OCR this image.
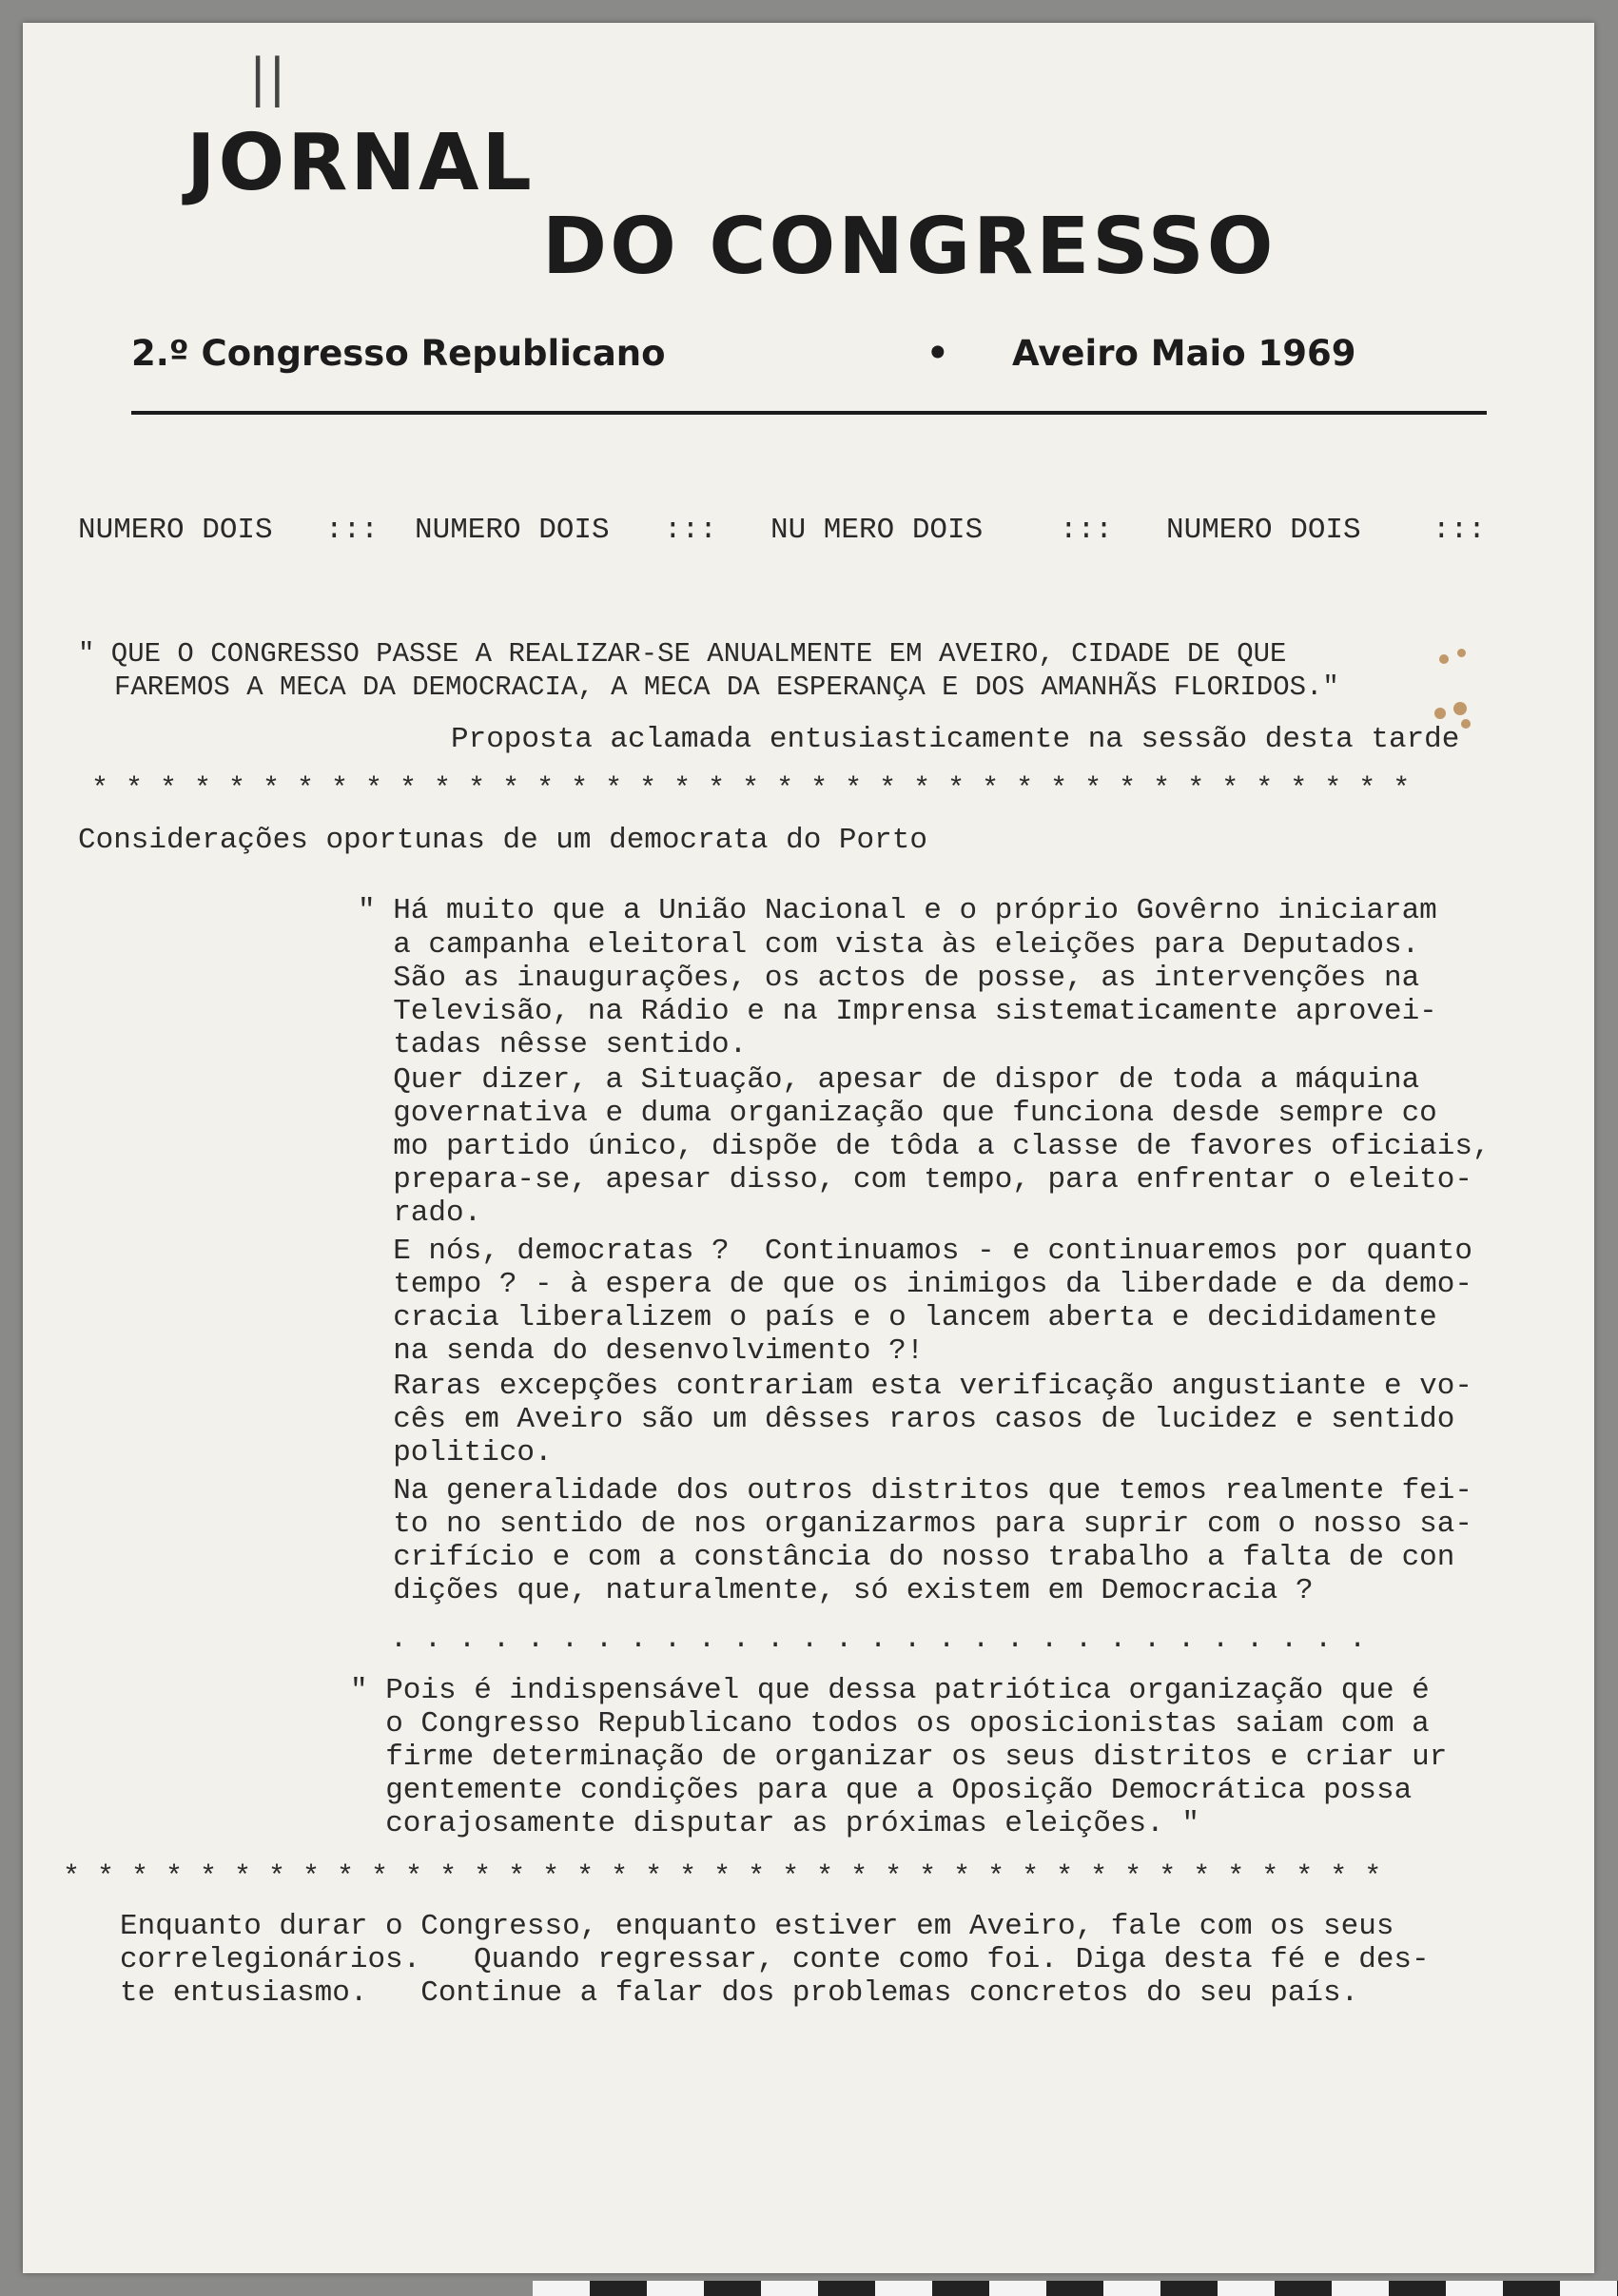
||
JORNAL
DO CONGRESSO
2.º Congresso Republicano	• Aveiro Maio 1969
NUMERO DOIS ::: NUMERO DOIS ::: NU MERO DOIS	::: NUMERO DOIS :::
" QUE O CONGRESSO PASSE A REALIZAR-SE ANUALMENTE EM AVEIRO, CIDADE DE QUE
FAREMOS A MECA DA DEMOCRACIA, A MECA DA ESPERANÇA E DOS AMANHÃS FLORIDOS."
Proposta aclamada entusiasticamente na sessão desta tarde
* * * * * * * * * * * * * * * * * * * * * * * * * * * * * * * * * * * * * * *
Considerações oportunas de um democrata do Porto
" Há muito que a União Nacional e o próprio Govêrno iniciaram
a campanha eleitoral com vista às eleições para Deputados.
São as inaugurações, os actos de posse, as intervenções na
Televisão, na Rádio e na Imprensa sistematicamente aprovei-
tadas nêsse sentido.
Quer dizer, a Situação, apesar de dispor de toda a máquina
governativa e duma organização que funciona desde sempre co
mo partido único, dispõe de tôda a classe de favores oficiais,
prepara-se, apesar disso, com tempo, para enfrentar o eleito-
rado.
E nós, democratas ?  Continuamos - e continuaremos por quanto
tempo ? - à espera de que os inimigos da liberdade e da demo-
cracia liberalizem o país e o lancem aberta e decididamente
na senda do desenvolvimento ?!
Raras excepções contrariam esta verificação angustiante e vo-
cês em Aveiro são um dêsses raros casos de lucidez e sentido
politico.
Na generalidade dos outros distritos que temos realmente fei-
to no sentido de nos organizarmos para suprir com o nosso sa-
crifício e com a constância do nosso trabalho a falta de con
dições que, naturalmente, só existem em Democracia ?
. . . . . . . . . . . . . . . . . . . . . . . . . . . . .
" Pois é indispensável que dessa patriótica organização que é
o Congresso Republicano todos os oposicionistas saiam com a
firme determinação de organizar os seus distritos e criar ur
gentemente condições para que a Oposição Democrática possa
corajosamente disputar as próximas eleições. "
* * * * * * * * * * * * * * * * * * * * * * * * * * * * * * * * * * * * * * *
Enquanto durar o Congresso, enquanto estiver em Aveiro, fale com os seus
correlegionários.   Quando regressar, conte como foi. Diga desta fé e des-
te entusiasmo.   Continue a falar dos problemas concretos do seu país.
